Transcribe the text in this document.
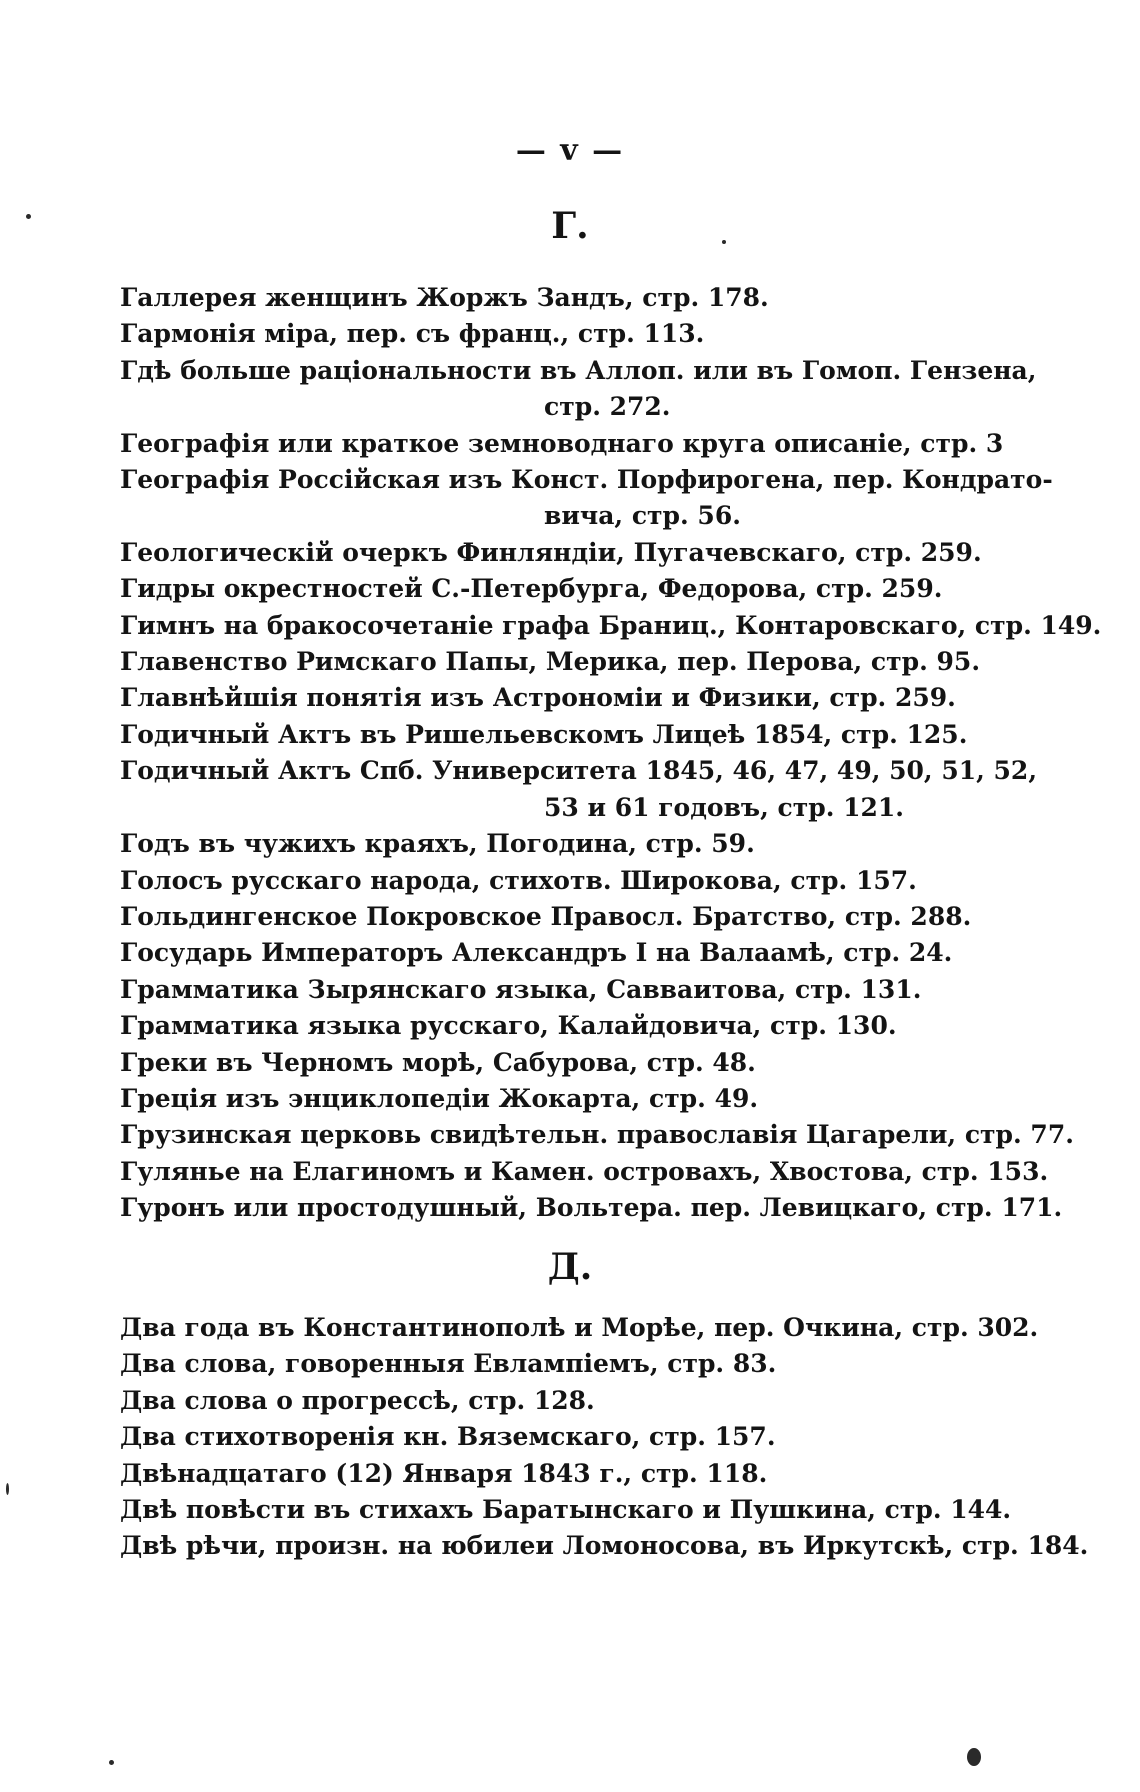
— v —
Г.
Галлерея женщинъ Жоржъ Зандъ, стр. 178.
Гармонія міра, пер. съ франц., стр. 113.
Гдѣ больше раціональности въ Аллоп. или въ Гомоп. Гензена,
стр. 272.
Географія или краткое земноводнаго круга описаніе, стр. 3
Географія Россійская изъ Конст. Порфирогена, пер. Кондрато-
вича, стр. 56.
Геологическій очеркъ Финляндіи, Пугачевскаго, стр. 259.
Гидры окрестностей С.-Петербурга, Федорова, стр. 259.
Гимнъ на бракосочетаніе графа Браниц., Контаровскаго, стр. 149.
Главенство Римскаго Папы, Мерика, пер. Перова, стр. 95.
Главнѣйшія понятія изъ Астрономіи и Физики, стр. 259.
Годичный Актъ въ Ришельевскомъ Лицеѣ 1854, стр. 125.
Годичный Актъ Спб. Университета 1845, 46, 47, 49, 50, 51, 52,
53 и 61 годовъ, стр. 121.
Годъ въ чужихъ краяхъ, Погодина, стр. 59.
Голосъ русскаго народа, стихотв. Широкова, стр. 157.
Гольдингенское Покровское Правосл. Братство, стр. 288.
Государь Императоръ Александръ I на Валаамѣ, стр. 24.
Грамматика Зырянскаго языка, Савваитова, стр. 131.
Грамматика языка русскаго, Калайдовича, стр. 130.
Греки въ Черномъ морѣ, Сабурова, стр. 48.
Греція изъ энциклопедіи Жокарта, стр. 49.
Грузинская церковь свидѣтельн. православія Цагарели, стр. 77.
Гулянье на Елагиномъ и Камен. островахъ, Хвостова, стр. 153.
Гуронъ или простодушный, Вольтера. пер. Левицкаго, стр. 171.
Д.
Два года въ Константинополѣ и Морѣе, пер. Очкина, стр. 302.
Два слова, говоренныя Евлампіемъ, стр. 83.
Два слова о прогрессѣ, стр. 128.
Два стихотворенія кн. Вяземскаго, стр. 157.
Двѣнадцатаго (12) Января 1843 г., стр. 118.
Двѣ повѣсти въ стихахъ Баратынскаго и Пушкина, стр. 144.
Двѣ рѣчи, произн. на юбилеи Ломоносова, въ Иркутскѣ, стр. 184.
